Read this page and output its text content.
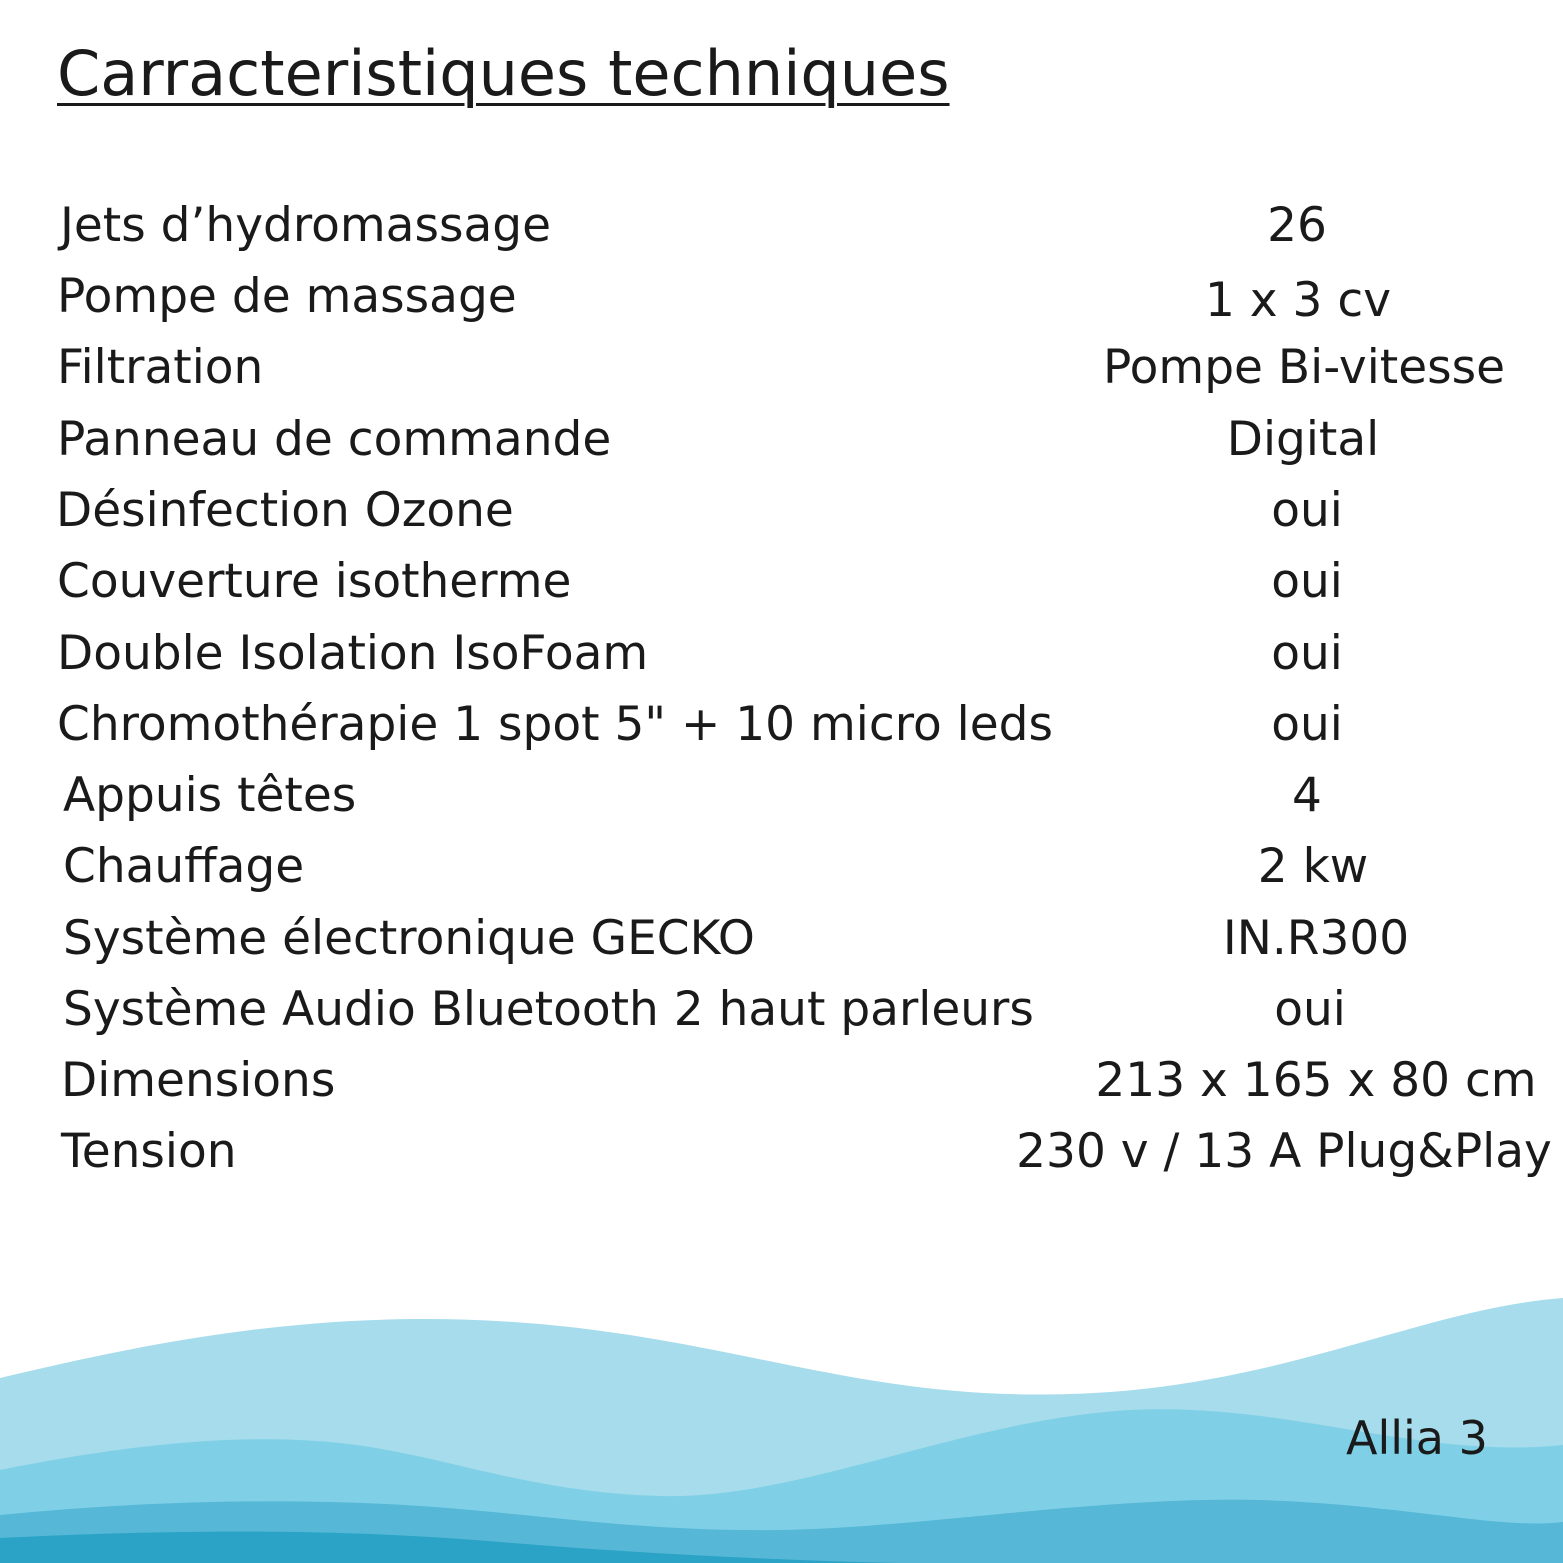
Carracteristiques techniques
Jets d’hydromassage	26
Pompe de massage	1 x 3 cv
Filtration	Pompe Bi-vitesse
Panneau de commande	Digital
Désinfection Ozone	oui
Couverture isotherme	oui
Double Isolation IsoFoam	oui
Chromothérapie 1 spot 5" + 10 micro leds	oui
Appuis têtes	4
Chauffage	2 kw
Système électronique GECKO	IN.R300
Système Audio Bluetooth 2 haut parleurs	oui
Dimensions	213 x 165 x 80 cm
Tension	230 v / 13 A Plug&Play
Allia 3
